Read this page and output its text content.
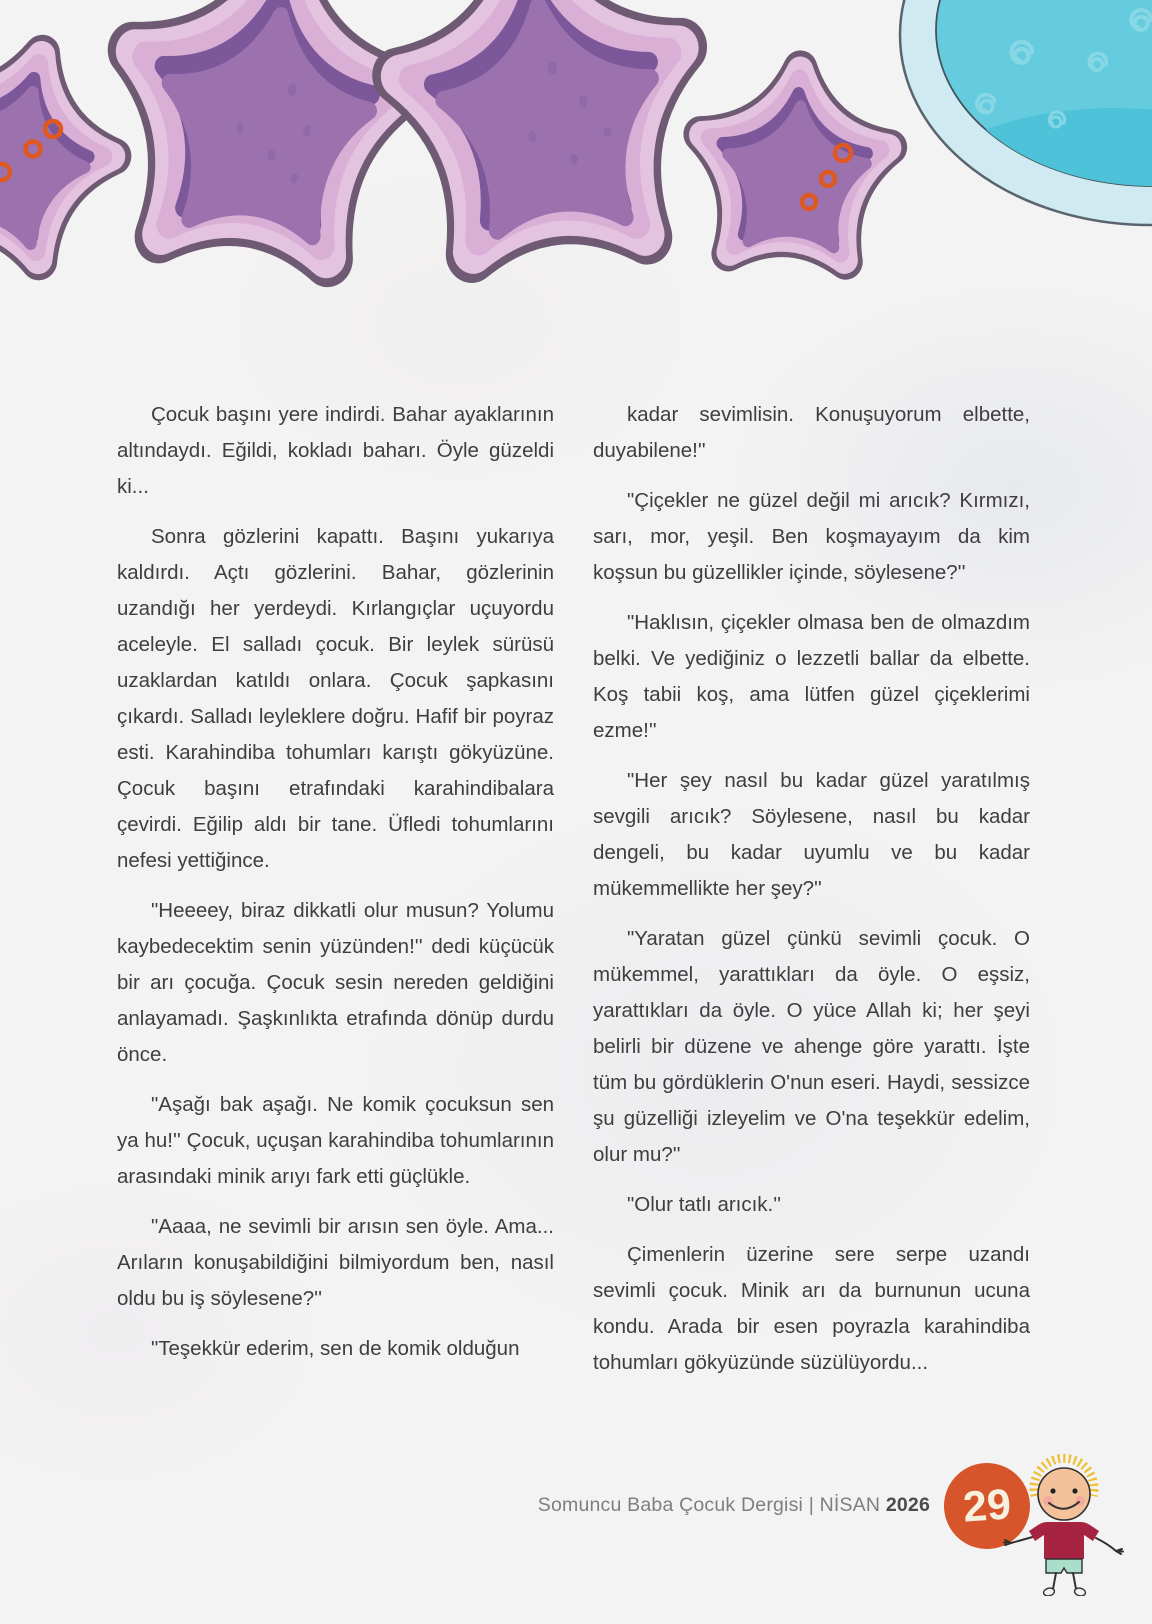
Çocuk başını yere indirdi. Bahar ayaklarının altındaydı. Eğildi, kokladı baharı. Öyle güzeldi ki...

Sonra gözlerini kapattı. Başını yukarıya kaldırdı. Açtı gözlerini. Bahar, gözlerinin uzandığı her yerdeydi. Kırlangıçlar uçuyordu aceleyle. El salladı çocuk. Bir leylek sürüsü uzaklardan katıldı onlara. Çocuk şapkasını çıkardı. Salladı leyleklere doğru. Hafif bir poyraz esti. Karahindiba tohumları karıştı gökyüzüne. Çocuk başını etrafındaki karahindibalara çevirdi. Eğilip aldı bir tane. Üfledi tohumlarını nefesi yettiğince.

"Heeeey, biraz dikkatli olur musun? Yolumu kaybedecektim senin yüzünden!'' dedi küçücük bir arı çocuğa. Çocuk sesin nereden geldiğini anlayamadı. Şaşkınlıkta etrafında dönüp durdu önce.

"Aşağı bak aşağı. Ne komik çocuksun sen ya hu!'' Çocuk, uçuşan karahindiba tohumlarının arasındaki minik arıyı fark etti güçlükle.

"Aaaa, ne sevimli bir arısın sen öyle. Ama... Arıların konuşabildiğini bilmiyordum ben, nasıl oldu bu iş söylesene?''

"Teşekkür ederim, sen de komik olduğun

kadar sevimlisin. Konuşuyorum elbette, duyabilene!''

"Çiçekler ne güzel değil mi arıcık? Kırmızı, sarı, mor, yeşil. Ben koşmayayım da kim koşsun bu güzellikler içinde, söylesene?''

"Haklısın, çiçekler olmasa ben de olmazdım belki. Ve yediğiniz o lezzetli ballar da elbette. Koş tabii koş, ama lütfen güzel çiçeklerimi ezme!''

"Her şey nasıl bu kadar güzel yaratılmış sevgili arıcık? Söylesene, nasıl bu kadar dengeli, bu kadar uyumlu ve bu kadar mükemmellikte her şey?''

"Yaratan güzel çünkü sevimli çocuk. O mükemmel, yarattıkları da öyle. O eşsiz, yarattıkları da öyle. O yüce Allah ki; her şeyi belirli bir düzene ve ahenge göre yarattı. İşte tüm bu gördüklerin O'nun eseri. Haydi, sessizce şu güzelliği izleyelim ve O'na teşekkür edelim, olur mu?''

"Olur tatlı arıcık.''

Çimenlerin üzerine sere serpe uzandı sevimli çocuk. Minik arı da burnunun ucuna kondu. Arada bir esen poyrazla karahindiba tohumları gökyüzünde süzülüyordu...

Somuncu Baba Çocuk Dergisi | NİSAN 2026 29
